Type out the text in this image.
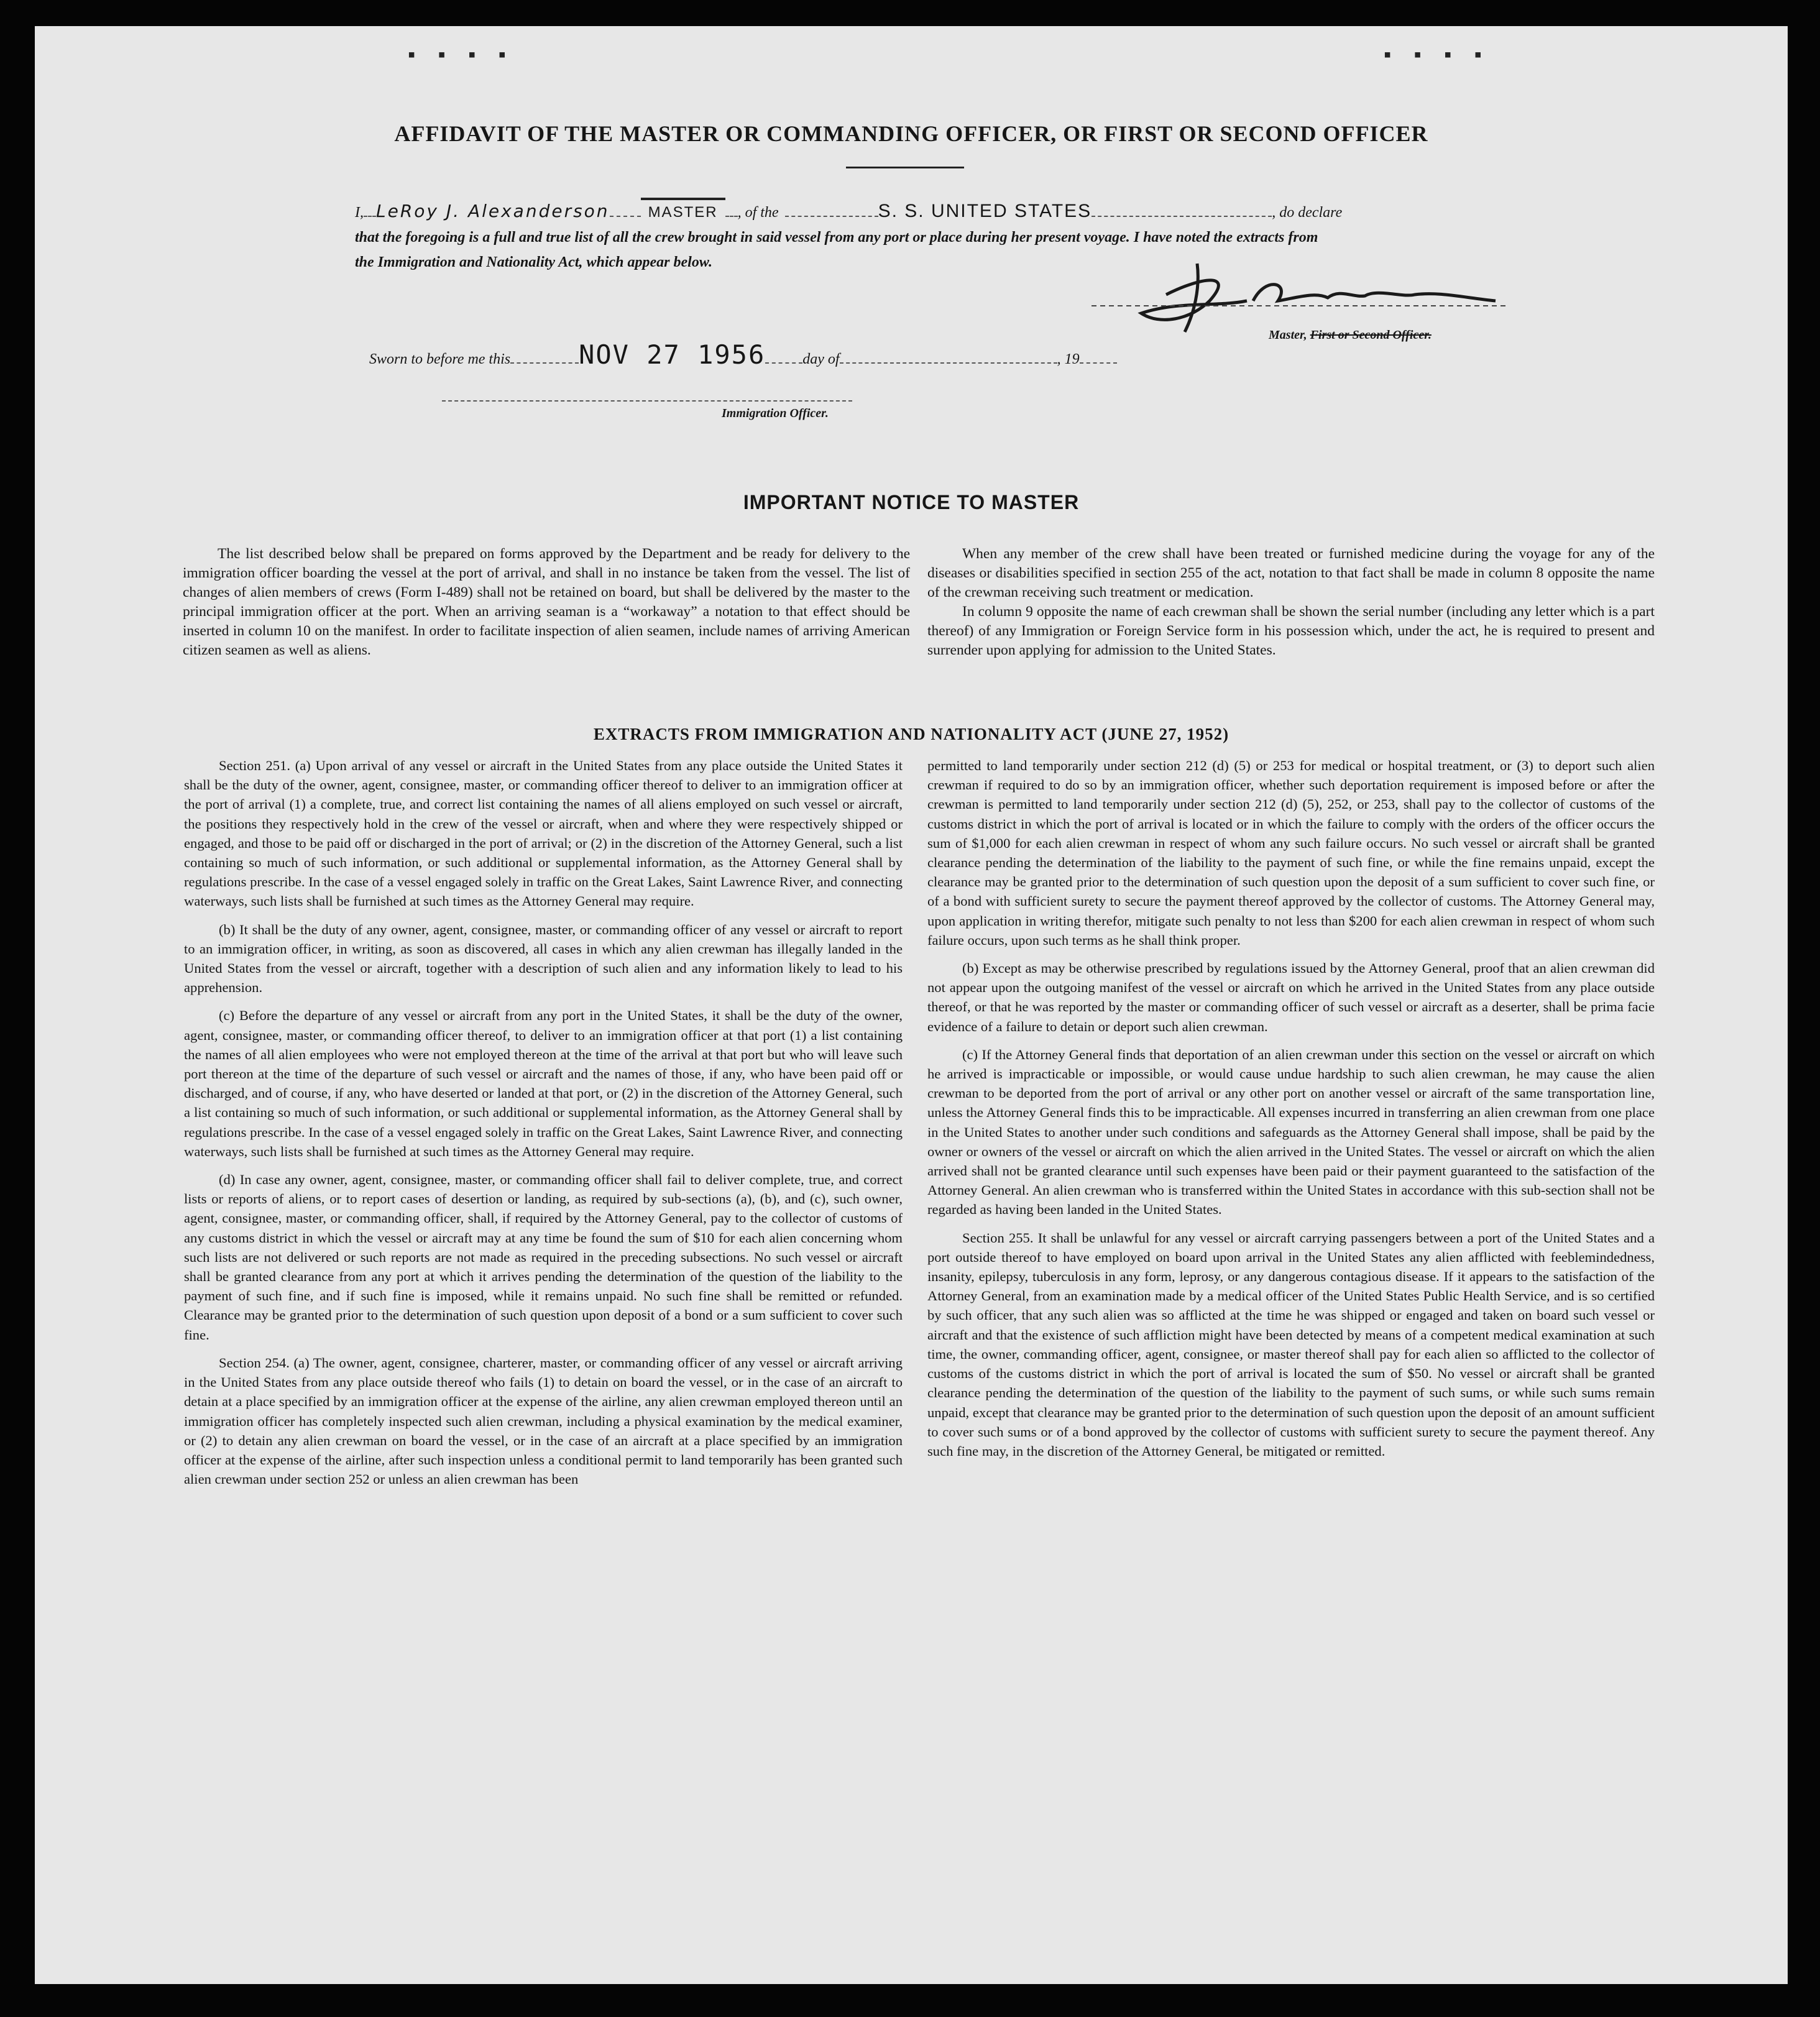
▪ ▪ ▪ ▪	▪ ▪ ▪ ▪
AFFIDAVIT OF THE MASTER OR COMMANDING OFFICER, OR FIRST OR SECOND OFFICER
I, LeRoy J. Alexanderson	MASTER	, of the	S. S. UNITED STATES	, do declare
that the foregoing is a full and true list of all the crew brought in said vessel from any port or place during her present voyage. I have noted the extracts from
the Immigration and Nationality Act, which appear below.
Master, First or Second Officer.
Sworn to before me this	NOV 27 1956	day of	, 19
Immigration Officer.
IMPORTANT NOTICE TO MASTER

The list described below shall be prepared on forms approved by the Department and be ready for delivery to the immigration officer boarding the vessel at the port of arrival, and shall in no instance be taken from the vessel. The list of changes of alien members of crews (Form I-489) shall not be retained on board, but shall be delivered by the master to the principal immigration officer at the port. When an arriving seaman is a “workaway” a notation to that effect should be inserted in column 10 on the manifest. In order to facilitate inspection of alien seamen, include names of arriving American citizen seamen as well as aliens.

When any member of the crew shall have been treated or furnished medicine during the voyage for any of the diseases or disabilities specified in section 255 of the act, notation to that fact shall be made in column 8 opposite the name of the crewman receiving such treatment or medication.

In column 9 opposite the name of each crewman shall be shown the serial number (including any letter which is a part thereof) of any Immigration or Foreign Service form in his possession which, under the act, he is required to present and surrender upon applying for admission to the United States.

EXTRACTS FROM IMMIGRATION AND NATIONALITY ACT (JUNE 27, 1952)

Section 251. (a) Upon arrival of any vessel or aircraft in the United States from any place outside the United States it shall be the duty of the owner, agent, consignee, master, or commanding officer thereof to deliver to an immigration officer at the port of arrival (1) a complete, true, and correct list containing the names of all aliens employed on such vessel or aircraft, the positions they respectively hold in the crew of the vessel or aircraft, when and where they were respectively shipped or engaged, and those to be paid off or discharged in the port of arrival; or (2) in the discretion of the Attorney General, such a list containing so much of such information, or such additional or supplemental information, as the Attorney General shall by regulations prescribe. In the case of a vessel engaged solely in traffic on the Great Lakes, Saint Lawrence River, and connecting waterways, such lists shall be furnished at such times as the Attorney General may require.

(b) It shall be the duty of any owner, agent, consignee, master, or commanding officer of any vessel or aircraft to report to an immigration officer, in writing, as soon as discovered, all cases in which any alien crewman has illegally landed in the United States from the vessel or aircraft, together with a description of such alien and any information likely to lead to his apprehension.

(c) Before the departure of any vessel or aircraft from any port in the United States, it shall be the duty of the owner, agent, consignee, master, or commanding officer thereof, to deliver to an immigration officer at that port (1) a list containing the names of all alien employees who were not employed thereon at the time of the arrival at that port but who will leave such port thereon at the time of the departure of such vessel or aircraft and the names of those, if any, who have been paid off or discharged, and of course, if any, who have deserted or landed at that port, or (2) in the discretion of the Attorney General, such a list containing so much of such information, or such additional or supplemental information, as the Attorney General shall by regulations prescribe. In the case of a vessel engaged solely in traffic on the Great Lakes, Saint Lawrence River, and connecting waterways, such lists shall be furnished at such times as the Attorney General may require.

(d) In case any owner, agent, consignee, master, or commanding officer shall fail to deliver complete, true, and correct lists or reports of aliens, or to report cases of desertion or landing, as required by sub-sections (a), (b), and (c), such owner, agent, consignee, master, or commanding officer, shall, if required by the Attorney General, pay to the collector of customs of any customs district in which the vessel or aircraft may at any time be found the sum of $10 for each alien concerning whom such lists are not delivered or such reports are not made as required in the preceding subsections. No such vessel or aircraft shall be granted clearance from any port at which it arrives pending the determination of the question of the liability to the payment of such fine, and if such fine is imposed, while it remains unpaid. No such fine shall be remitted or refunded. Clearance may be granted prior to the determination of such question upon deposit of a bond or a sum sufficient to cover such fine.

Section 254. (a) The owner, agent, consignee, charterer, master, or commanding officer of any vessel or aircraft arriving in the United States from any place outside thereof who fails (1) to detain on board the vessel, or in the case of an aircraft to detain at a place specified by an immigration officer at the expense of the airline, any alien crewman employed thereon until an immigration officer has completely inspected such alien crewman, including a physical examination by the medical examiner, or (2) to detain any alien crewman on board the vessel, or in the case of an aircraft at a place specified by an immigration officer at the expense of the airline, after such inspection unless a conditional permit to land temporarily has been granted such alien crewman under section 252 or unless an alien crewman has been

permitted to land temporarily under section 212 (d) (5) or 253 for medical or hospital treatment, or (3) to deport such alien crewman if required to do so by an immigration officer, whether such deportation requirement is imposed before or after the crewman is permitted to land temporarily under section 212 (d) (5), 252, or 253, shall pay to the collector of customs of the customs district in which the port of arrival is located or in which the failure to comply with the orders of the officer occurs the sum of $1,000 for each alien crewman in respect of whom any such failure occurs. No such vessel or aircraft shall be granted clearance pending the determination of the liability to the payment of such fine, or while the fine remains unpaid, except the clearance may be granted prior to the determination of such question upon the deposit of a sum sufficient to cover such fine, or of a bond with sufficient surety to secure the payment thereof approved by the collector of customs. The Attorney General may, upon application in writing therefor, mitigate such penalty to not less than $200 for each alien crewman in respect of whom such failure occurs, upon such terms as he shall think proper.

(b) Except as may be otherwise prescribed by regulations issued by the Attorney General, proof that an alien crewman did not appear upon the outgoing manifest of the vessel or aircraft on which he arrived in the United States from any place outside thereof, or that he was reported by the master or commanding officer of such vessel or aircraft as a deserter, shall be prima facie evidence of a failure to detain or deport such alien crewman.

(c) If the Attorney General finds that deportation of an alien crewman under this section on the vessel or aircraft on which he arrived is impracticable or impossible, or would cause undue hardship to such alien crewman, he may cause the alien crewman to be deported from the port of arrival or any other port on another vessel or aircraft of the same transportation line, unless the Attorney General finds this to be impracticable. All expenses incurred in transferring an alien crewman from one place in the United States to another under such conditions and safeguards as the Attorney General shall impose, shall be paid by the owner or owners of the vessel or aircraft on which the alien arrived in the United States. The vessel or aircraft on which the alien arrived shall not be granted clearance until such expenses have been paid or their payment guaranteed to the satisfaction of the Attorney General. An alien crewman who is transferred within the United States in accordance with this sub-section shall not be regarded as having been landed in the United States.

Section 255. It shall be unlawful for any vessel or aircraft carrying passengers between a port of the United States and a port outside thereof to have employed on board upon arrival in the United States any alien afflicted with feeblemindedness, insanity, epilepsy, tuberculosis in any form, leprosy, or any dangerous contagious disease. If it appears to the satisfaction of the Attorney General, from an examination made by a medical officer of the United States Public Health Service, and is so certified by such officer, that any such alien was so afflicted at the time he was shipped or engaged and taken on board such vessel or aircraft and that the existence of such affliction might have been detected by means of a competent medical examination at such time, the owner, commanding officer, agent, consignee, or master thereof shall pay for each alien so afflicted to the collector of customs of the customs district in which the port of arrival is located the sum of $50. No vessel or aircraft shall be granted clearance pending the determination of the question of the liability to the payment of such sums, or while such sums remain unpaid, except that clearance may be granted prior to the determination of such question upon the deposit of an amount sufficient to cover such sums or of a bond approved by the collector of customs with sufficient surety to secure the payment thereof. Any such fine may, in the discretion of the Attorney General, be mitigated or remitted.
